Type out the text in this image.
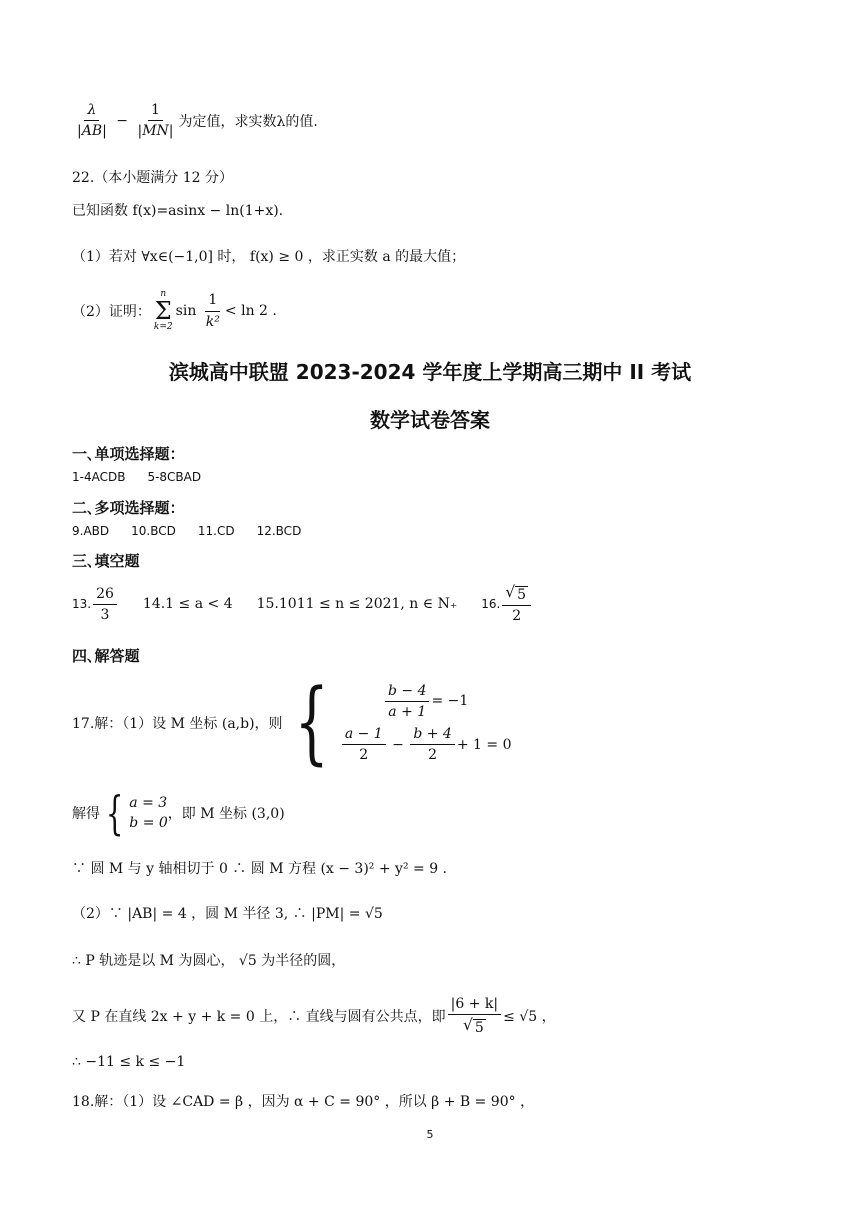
$\frac{\lambda}{|AB|} - \frac{1}{|MN|}$ 为定值，求实数λ的值.
22.（本小题满分 12 分）
已知函数 f(x)=asinx − ln(1+x).
（1）若对 ∀x∈(−1,0] 时， f(x) ≥ 0 ，求正实数 a 的最大值；
（2）证明：
n
Σ
k=2
$\sin \frac{1}{\text{k²}} < \ln 2$ .
滨城高中联盟 2023-2024 学年度上学期高三期中 II 考试
数学试卷答案
一､单项选择题：
1-4ACDB 5-8CBAD
二､多项选择题：
9.ABD 10.BCD 11.CD 12.BCD
三､填空题
13. $\frac{26}{3} 14.1 \le a < 4$ 15.1011 ≤ n ≤ 2021, n ∈ N₊ 16. $\frac{√ 5}{2}$
四､解答题
17.解：（1）设 M 坐标 (a,b)，则 {	$\frac{b - 4}{a + 1} = -1$
$\frac{a - 1}{2} - \frac{b + 4}{2} + 1 = 0$
解得 { a = 3
b = 0
，即 M 坐标 (3,0)
∵ 圆 M 与 y 轴相切于 0 ∴ 圆 M 方程 (x − 3)² + y² = 9 .
（2）∵ |AB| = 4 ，圆 M 半径 3, ∴ |PM| = √5
∴ P 轨迹是以 M 为圆心， √5 为半径的圆，
又 P 在直线 2x + y + k = 0 上，∴ 直线与圆有公共点，即 $\frac{|6 + k|}{√ 5} \le √5$ ，
∴ −11 ≤ k ≤ −1
18.解：（1）设 ∠CAD = β ，因为 α + C = 90° ，所以 β + B = 90° ，
5
